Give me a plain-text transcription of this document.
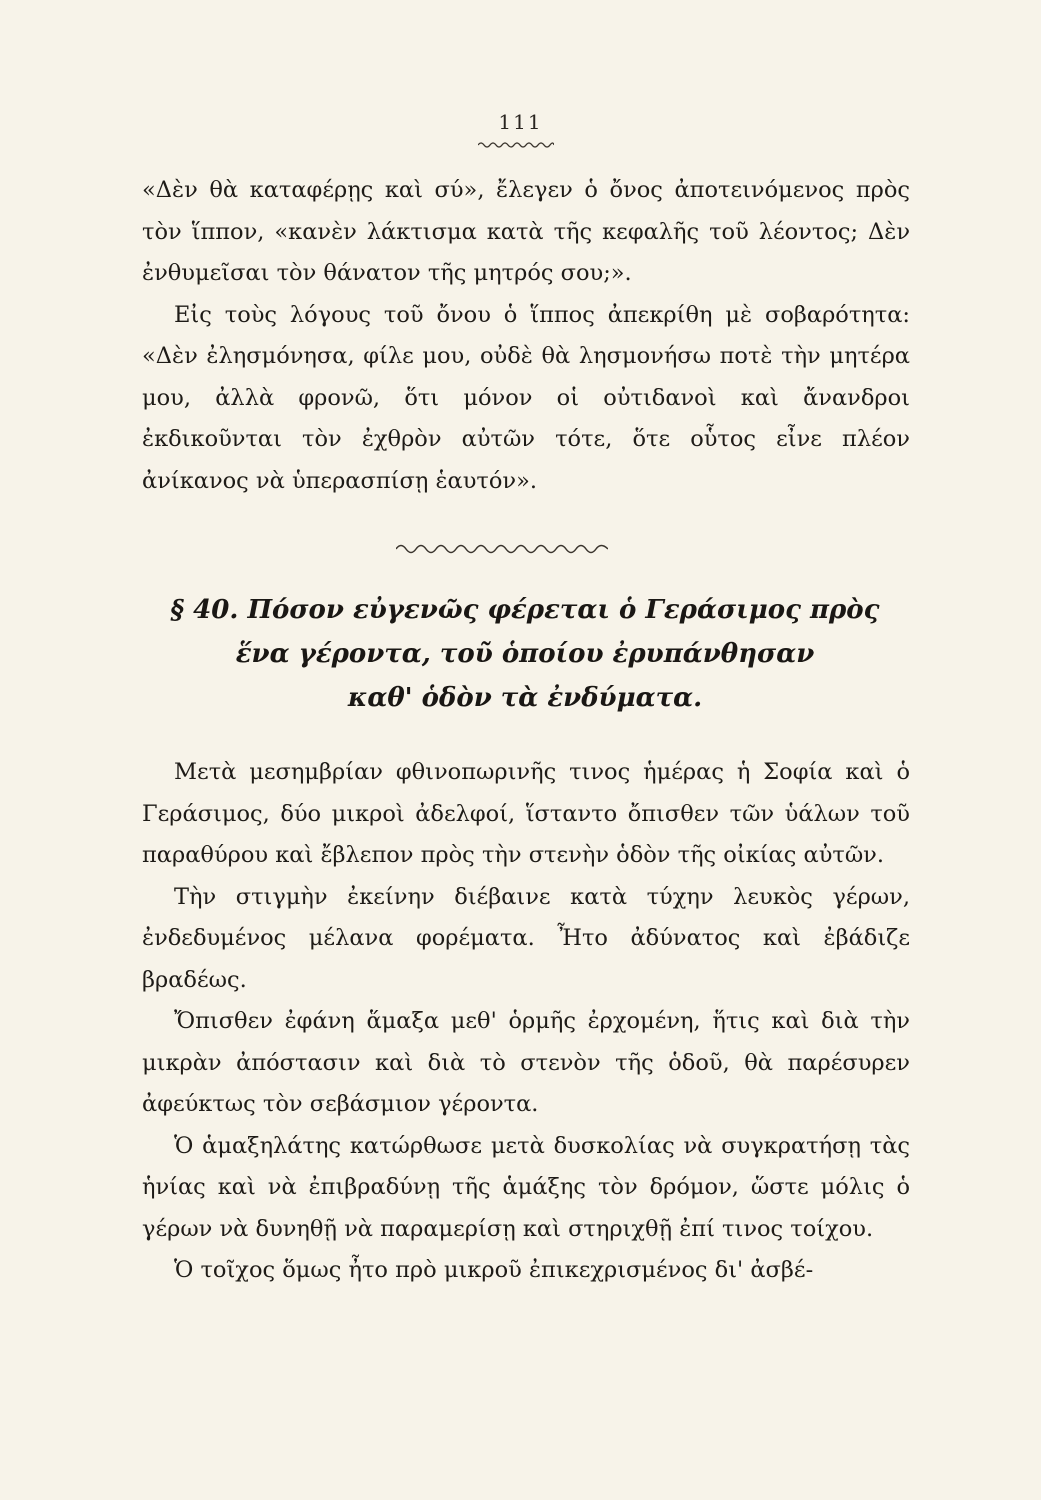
111

«Δὲν θὰ καταφέρῃς καὶ σύ», ἔλεγεν ὁ ὄνος ἀποτεινόμενος πρὸς τὸν ἵππον, «κανὲν λάκτισμα κατὰ τῆς κεφαλῆς τοῦ λέοντος; Δὲν ἐνθυμεῖσαι τὸν θάνατον τῆς μητρός σου;».

Εἰς τοὺς λόγους τοῦ ὄνου ὁ ἵππος ἀπεκρίθη μὲ σοβαρότητα: «Δὲν ἐλησμόνησα, φίλε μου, οὐδὲ θὰ λησμονήσω ποτὲ τὴν μητέρα μου, ἀλλὰ φρονῶ, ὅτι μόνον οἱ οὐτιδανοὶ καὶ ἄνανδροι ἐκδικοῦνται τὸν ἐχθρὸν αὐτῶν τότε, ὅτε οὗτος εἶνε πλέον ἀνίκανος νὰ ὑπερασπίσῃ ἑαυτόν».

§ 40. Πόσον εὐγενῶς φέρεται ὁ Γεράσιμος πρὸς
ἕνα γέροντα, τοῦ ὁποίου ἐρυπάνθησαν
καθ' ὁδὸν τὰ ἐνδύματα.

Μετὰ μεσημβρίαν φθινοπωρινῆς τινος ἡμέρας ἡ Σοφία καὶ ὁ Γεράσιμος, δύο μικροὶ ἀδελφοί, ἵσταντο ὄπισθεν τῶν ὑάλων τοῦ παραθύρου καὶ ἔβλεπον πρὸς τὴν στενὴν ὁδὸν τῆς οἰκίας αὐτῶν.

Τὴν στιγμὴν ἐκείνην διέβαινε κατὰ τύχην λευκὸς γέρων, ἐνδεδυμένος μέλανα φορέματα. Ἦτο ἀδύνατος καὶ ἐβάδιζε βραδέως.

Ὄπισθεν ἐφάνη ἅμαξα μεθ' ὁρμῆς ἐρχομένη, ἥτις καὶ διὰ τὴν μικρὰν ἀπόστασιν καὶ διὰ τὸ στενὸν τῆς ὁδοῦ, θὰ παρέσυρεν ἀφεύκτως τὸν σεβάσμιον γέροντα.

Ὁ ἁμαξηλάτης κατώρθωσε μετὰ δυσκολίας νὰ συγκρατήσῃ τὰς ἡνίας καὶ νὰ ἐπιβραδύνῃ τῆς ἁμάξης τὸν δρόμον, ὥστε μόλις ὁ γέρων νὰ δυνηθῇ νὰ παραμερίσῃ καὶ στηριχθῇ ἐπί τινος τοίχου.

Ὁ τοῖχος ὅμως ἦτο πρὸ μικροῦ ἐπικεχρισμένος δι' ἀσβέ-
